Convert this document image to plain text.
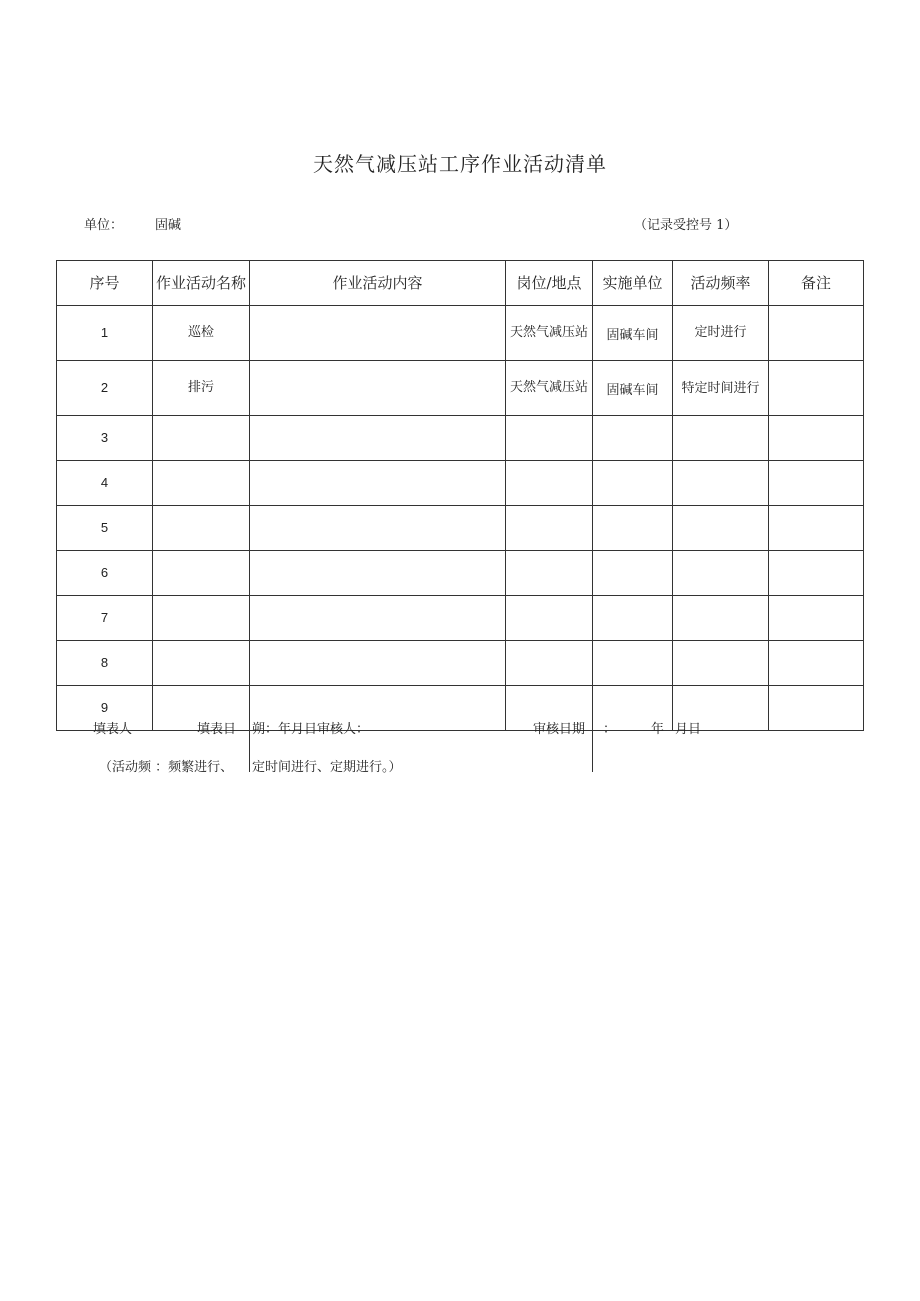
天然气减压站工序作业活动清单
单位： 固碱	（记录受控号 1）
序号	作业活动名称	作业活动内容	岗位/地点	实施单位	活动频率	备注
1	巡检		天然气减压站	固碱车间	定时进行	
2	排污		天然气减压站	固碱车间	特定时间进行	
3						
4						
5						
6						
7						
8						
9						
填表人	填表日 朔：年月日审核人：	审核日期 ：	年 月日
（活动频 ：频繁进行、 定时间进行、定期进行。）
